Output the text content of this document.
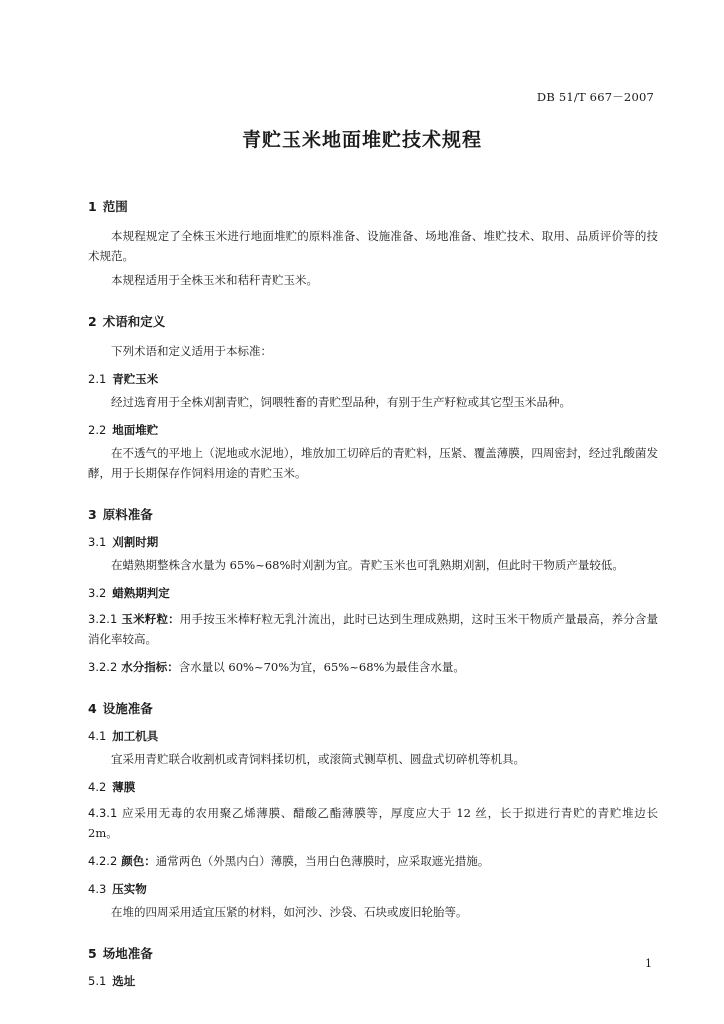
DB 51/T 667－2007
青贮玉米地面堆贮技术规程
1 范围

本规程规定了全株玉米进行地面堆贮的原料准备、设施准备、场地准备、堆贮技术、取用、品质评价等的技术规范。

本规程适用于全株玉米和秸秆青贮玉米。

2 术语和定义

下列术语和定义适用于本标准：

2.1 青贮玉米

经过选育用于全株刈割青贮，饲喂牲畜的青贮型品种，有别于生产籽粒或其它型玉米品种。

2.2 地面堆贮

在不透气的平地上（泥地或水泥地），堆放加工切碎后的青贮料，压紧、覆盖薄膜，四周密封，经过乳酸菌发酵，用于长期保存作饲料用途的青贮玉米。

3 原料准备
3.1 刈割时期

在蜡熟期整株含水量为 65%~68%时刈割为宜。青贮玉米也可乳熟期刈割，但此时干物质产量较低。

3.2 蜡熟期判定
3.2.1 玉米籽粒：用手按玉米棒籽粒无乳汁流出，此时已达到生理成熟期，这时玉米干物质产量最高，养分含量消化率较高。
3.2.2 水分指标：含水量以 60%~70%为宜，65%~68%为最佳含水量。
4 设施准备
4.1 加工机具

宜采用青贮联合收割机或青饲料揉切机，或滚筒式铡草机、圆盘式切碎机等机具。

4.2 薄膜
4.3.1 应采用无毒的农用聚乙烯薄膜、醋酸乙酯薄膜等，厚度应大于 12 丝，长于拟进行青贮的青贮堆边长 2m。
4.2.2 颜色：通常两色（外黑内白）薄膜，当用白色薄膜时，应采取遮光措施。
4.3 压实物

在堆的四周采用适宜压紧的材料，如河沙、沙袋、石块或废旧轮胎等。

5 场地准备
5.1 选址
1
